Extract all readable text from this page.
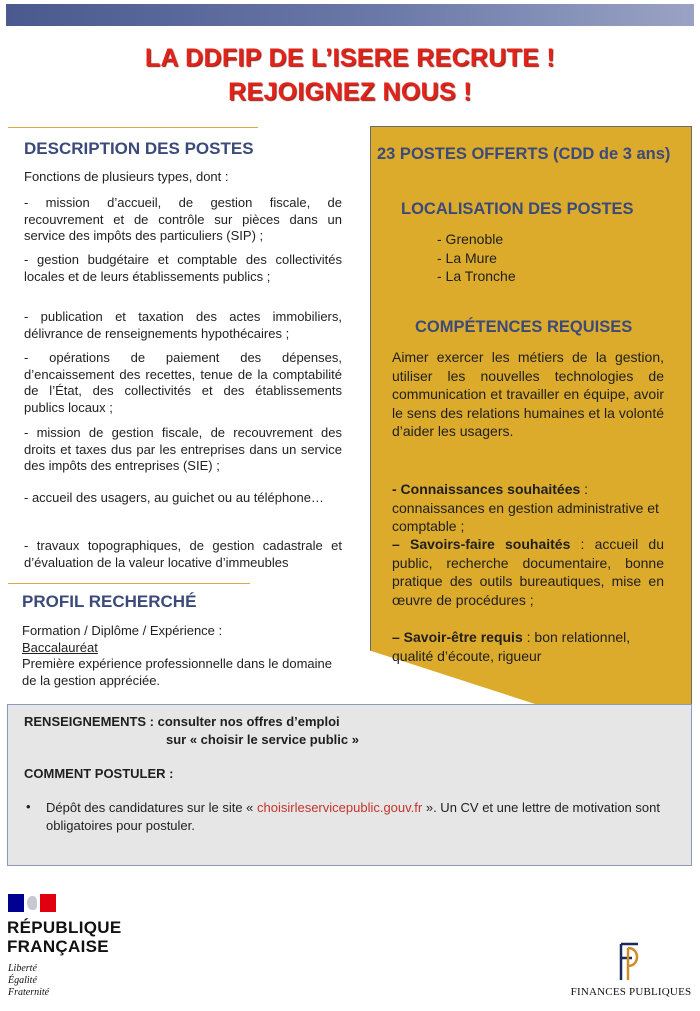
LA DDFIP DE L’ISERE RECRUTE !
REJOIGNEZ NOUS !
DESCRIPTION DES POSTES

Fonctions de plusieurs types, dont :

- mission d’accueil, de gestion fiscale, de recouvrement et de contrôle sur pièces dans un service des impôts des particuliers (SIP) ;

- gestion budgétaire et comptable des collectivités locales et de leurs établissements publics ;

- publication et taxation des actes immobiliers, délivrance de renseignements hypothécaires ;

- opérations de paiement des dépenses, d’encaissement des recettes, tenue de la comptabilité de l’État, des collectivités et des établissements publics locaux ;

- mission de gestion fiscale, de recouvrement des droits et taxes dus par les entreprises dans un service des impôts des entreprises (SIE) ;

- accueil des usagers, au guichet ou au téléphone…

- travaux topographiques, de gestion cadastrale et d’évaluation de la valeur locative d’immeubles

PROFIL RECHERCHÉ

Formation / Diplôme / Expérience :

Baccalauréat

Première expérience professionnelle dans le domaine de la gestion appréciée.

23 POSTES OFFERTS (CDD de 3 ans)
LOCALISATION DES POSTES
- Grenoble
- La Mure
- La Tronche
COMPÉTENCES REQUISES

Aimer exercer les métiers de la gestion, utiliser les nouvelles technologies de communication et travailler en équipe, avoir le sens des relations humaines et la volonté d’aider les usagers.

- Connaissances souhaitées : connaissances en gestion administrative et comptable ;

– Savoirs-faire souhaités : accueil du public, recherche documentaire, bonne pratique des outils bureautiques, mise en œuvre de procédures ;

– Savoir-être requis : bon relationnel, qualité d’écoute, rigueur

RENSEIGNEMENTS : consulter nos offres d’emploi

sur « choisir le service public »

COMMENT POSTULER :

• Dépôt des candidatures sur le site « choisirleservicepublic.gouv.fr ». Un CV et une lettre de motivation sont obligatoires pour postuler.

RÉPUBLIQUE

FRANÇAISE

Liberté

Égalité

Fraternité	FINANCES PUBLIQUES
